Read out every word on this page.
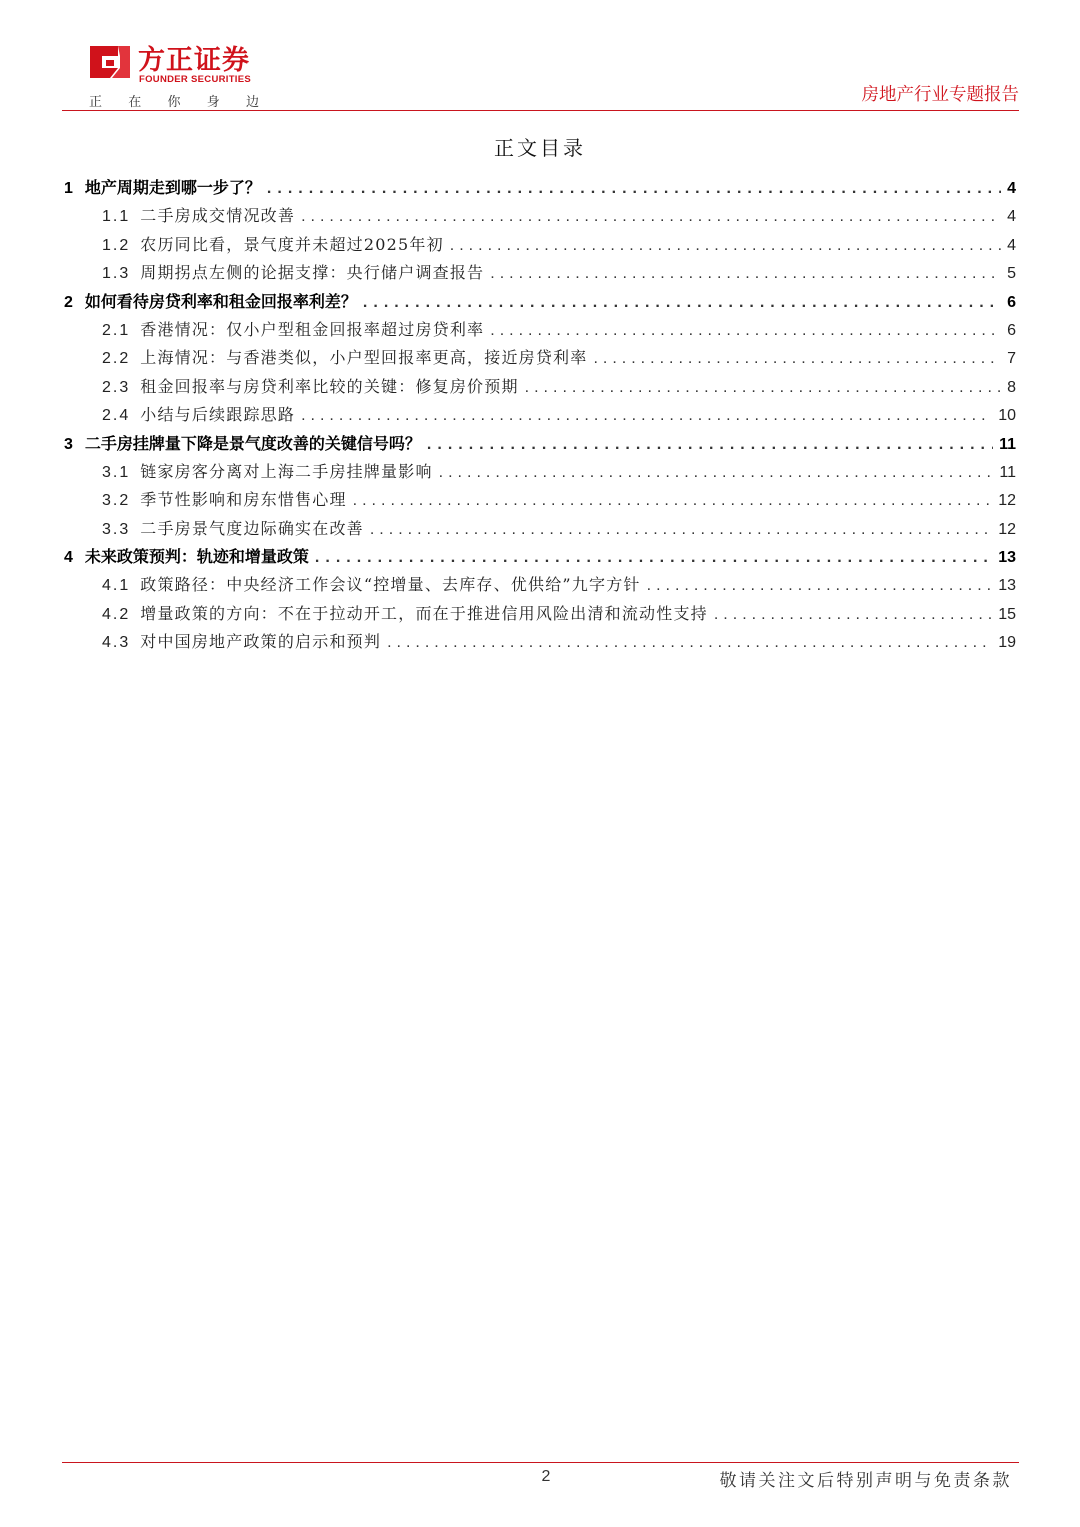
方正证券
FOUNDER SECURITIES
正 在 你 身 边	房地产行业专题报告
正文目录
1 地产周期走到哪一步了？ .....	4
1.1 二手房成交情况改善 .....	4
1.2 农历同比看，景气度并未超过2025年初 .....	4
1.3 周期拐点左侧的论据支撑：央行储户调查报告 .....	5
2 如何看待房贷利率和租金回报率利差？ .....	6
2.1 香港情况：仅小户型租金回报率超过房贷利率 .....	6
2.2 上海情况：与香港类似，小户型回报率更高，接近房贷利率 .....	7
2.3 租金回报率与房贷利率比较的关键：修复房价预期 .....	8
2.4 小结与后续跟踪思路 .....	10
3 二手房挂牌量下降是景气度改善的关键信号吗？ .....	11
3.1 链家房客分离对上海二手房挂牌量影响 .....	11
3.2 季节性影响和房东惜售心理 .....	12
3.3 二手房景气度边际确实在改善 .....	12
4 未来政策预判：轨迹和增量政策 .....	13
4.1 政策路径：中央经济工作会议“控增量、去库存、优供给”九字方针 .....	13
4.2 增量政策的方向：不在于拉动开工，而在于推进信用风险出清和流动性支持 .....	15
4.3 对中国房地产政策的启示和预判 .....	19
2	敬请关注文后特别声明与免责条款
